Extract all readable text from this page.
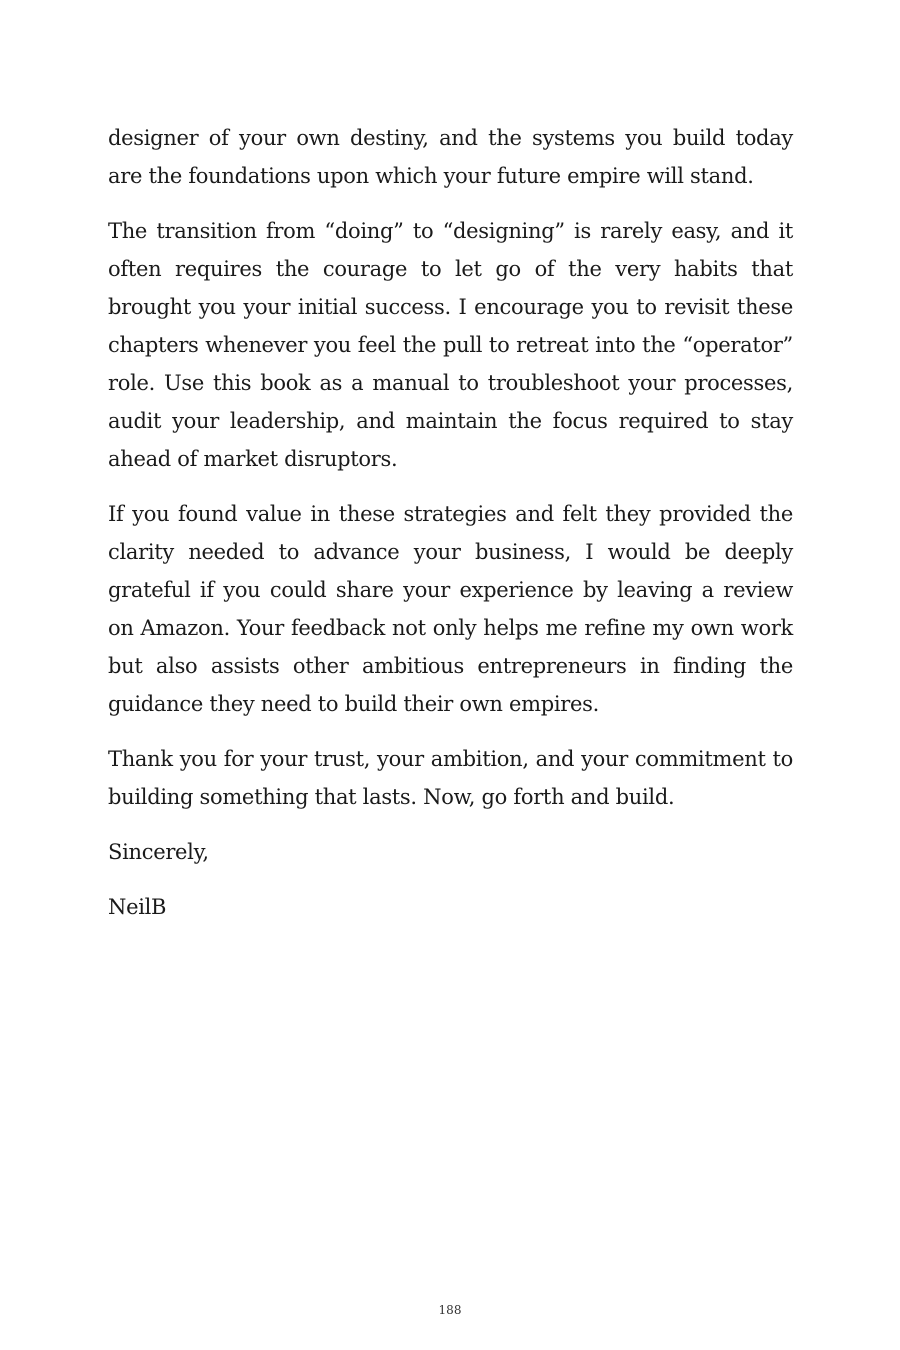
designer of your own destiny, and the systems you build today are the foundations upon which your future empire will stand.

The transition from “doing” to “designing” is rarely easy, and it often requires the courage to let go of the very habits that brought you your initial success. I encourage you to revisit these chapters whenever you feel the pull to retreat into the “operator” role. Use this book as a manual to troubleshoot your processes, audit your leadership, and maintain the focus required to stay ahead of market disruptors.

If you found value in these strategies and felt they provided the clarity needed to advance your business, I would be deeply grateful if you could share your experience by leaving a review on Amazon. Your feedback not only helps me refine my own work but also assists other ambitious entrepreneurs in finding the guidance they need to build their own empires.

Thank you for your trust, your ambition, and your commitment to building something that lasts. Now, go forth and build.

Sincerely,

NeilB

188
